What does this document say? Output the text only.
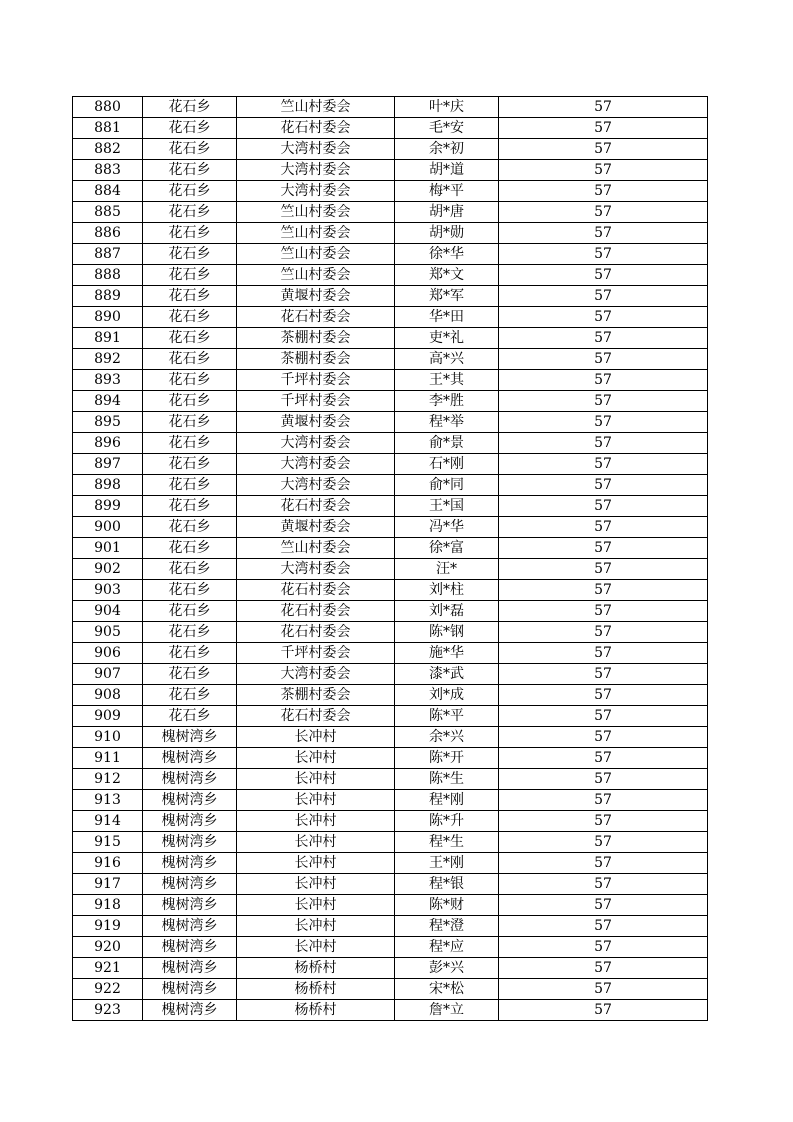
880	花石乡	竺山村委会	叶*庆	57
881	花石乡	花石村委会	毛*安	57
882	花石乡	大湾村委会	余*初	57
883	花石乡	大湾村委会	胡*道	57
884	花石乡	大湾村委会	梅*平	57
885	花石乡	竺山村委会	胡*唐	57
886	花石乡	竺山村委会	胡*勋	57
887	花石乡	竺山村委会	徐*华	57
888	花石乡	竺山村委会	郑*文	57
889	花石乡	黄堰村委会	郑*军	57
890	花石乡	花石村委会	华*田	57
891	花石乡	茶棚村委会	吏*礼	57
892	花石乡	茶棚村委会	高*兴	57
893	花石乡	千坪村委会	王*其	57
894	花石乡	千坪村委会	李*胜	57
895	花石乡	黄堰村委会	程*举	57
896	花石乡	大湾村委会	俞*景	57
897	花石乡	大湾村委会	石*刚	57
898	花石乡	大湾村委会	俞*同	57
899	花石乡	花石村委会	王*国	57
900	花石乡	黄堰村委会	冯*华	57
901	花石乡	竺山村委会	徐*富	57
902	花石乡	大湾村委会	汪*	57
903	花石乡	花石村委会	刘*柱	57
904	花石乡	花石村委会	刘*磊	57
905	花石乡	花石村委会	陈*钢	57
906	花石乡	千坪村委会	施*华	57
907	花石乡	大湾村委会	漆*武	57
908	花石乡	茶棚村委会	刘*成	57
909	花石乡	花石村委会	陈*平	57
910	槐树湾乡	长冲村	余*兴	57
911	槐树湾乡	长冲村	陈*开	57
912	槐树湾乡	长冲村	陈*生	57
913	槐树湾乡	长冲村	程*刚	57
914	槐树湾乡	长冲村	陈*升	57
915	槐树湾乡	长冲村	程*生	57
916	槐树湾乡	长冲村	王*刚	57
917	槐树湾乡	长冲村	程*银	57
918	槐树湾乡	长冲村	陈*财	57
919	槐树湾乡	长冲村	程*澄	57
920	槐树湾乡	长冲村	程*应	57
921	槐树湾乡	杨桥村	彭*兴	57
922	槐树湾乡	杨桥村	宋*松	57
923	槐树湾乡	杨桥村	詹*立	57
